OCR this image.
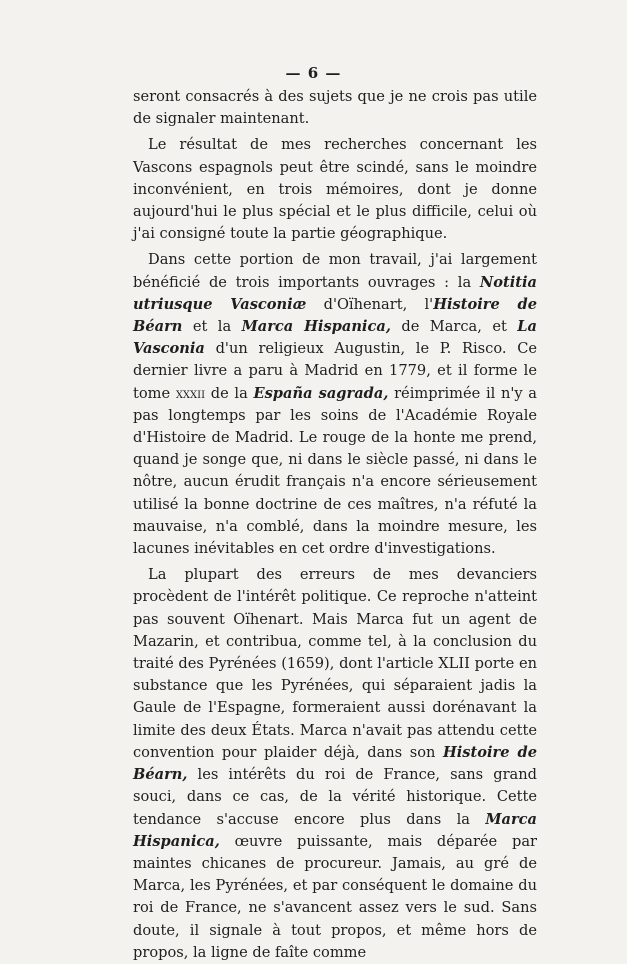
— 6 —

seront consacrés à des sujets que je ne crois pas utile de signaler maintenant.

Le résultat de mes recherches concernant les Vascons espagnols peut être scindé, sans le moindre inconvénient, en trois mémoires, dont je donne aujourd'hui le plus spécial et le plus difficile, celui où j'ai consigné toute la partie géographique.

Dans cette portion de mon travail, j'ai largement bénéficié de trois importants ouvrages : la Notitia utriusque Vasconiæ d'Oïhenart, l'Histoire de Béarn et la Marca Hispanica, de Marca, et La Vasconia d'un religieux Augustin, le P. Risco. Ce dernier livre a paru à Madrid en 1779, et il forme le tome xxxii de la España sagrada, réimprimée il n'y a pas longtemps par les soins de l'Académie Royale d'Histoire de Madrid. Le rouge de la honte me prend, quand je songe que, ni dans le siècle passé, ni dans le nôtre, aucun érudit français n'a encore sérieusement utilisé la bonne doctrine de ces maîtres, n'a réfuté la mauvaise, n'a comblé, dans la moindre mesure, les lacunes inévitables en cet ordre d'investigations.

La plupart des erreurs de mes devanciers procèdent de l'intérêt politique. Ce reproche n'atteint pas souvent Oïhenart. Mais Marca fut un agent de Mazarin, et contribua, comme tel, à la conclusion du traité des Pyrénées (1659), dont l'article XLII porte en substance que les Pyrénées, qui séparaient jadis la Gaule de l'Espagne, formeraient aussi dorénavant la limite des deux États. Marca n'avait pas attendu cette convention pour plaider déjà, dans son Histoire de Béarn, les intérêts du roi de France, sans grand souci, dans ce cas, de la vérité historique. Cette tendance s'accuse encore plus dans la Marca Hispanica, œuvre puissante, mais déparée par maintes chicanes de procureur. Jamais, au gré de Marca, les Pyrénées, et par conséquent le domaine du roi de France, ne s'avancent assez vers le sud. Sans doute, il signale à tout propos, et même hors de propos, la ligne de faîte comme
